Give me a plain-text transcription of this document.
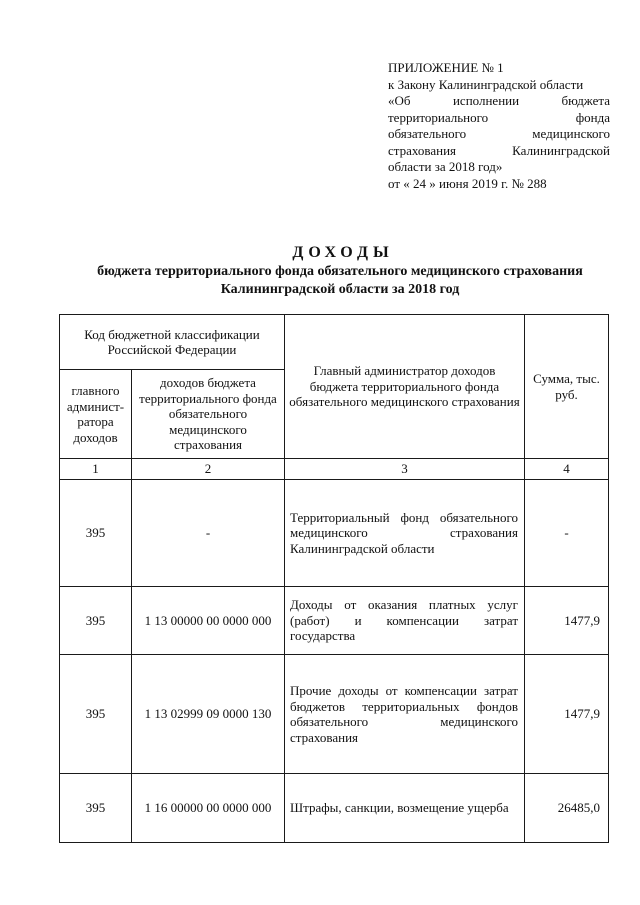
ПРИЛОЖЕНИЕ № 1
к Закону Калининградской области
«Об исполнении бюджета
территориального фонда
обязательного медицинского
страхования Калининградской
области за 2018 год»
от « 24 » июня 2019 г. № 288
ДОХОДЫ
бюджета территориального фонда обязательного медицинского страхования
Калининградской области за 2018 год
Код бюджетной классификации Российской Федерации		Главный администратор доходов бюджета территориального фонда обязательного медицинского страхования	Сумма, тыс. руб.
главного админист-ратора доходов	доходов бюджета территориального фонда обязательного медицинского страхования		
1	2	3	4
395	-	Территориальный фонд обязательного медицинского страхования Калининградской области	-
395	1 13 00000 00 0000 000	Доходы от оказания платных услуг (работ) и компенсации затрат государства	1477,9
395	1 13 02999 09 0000 130	Прочие доходы от компенсации затрат бюджетов территориальных фондов обязательного медицинского страхования	1477,9
395	1 16 00000 00 0000 000	Штрафы, санкции, возмещение ущерба	26485,0
